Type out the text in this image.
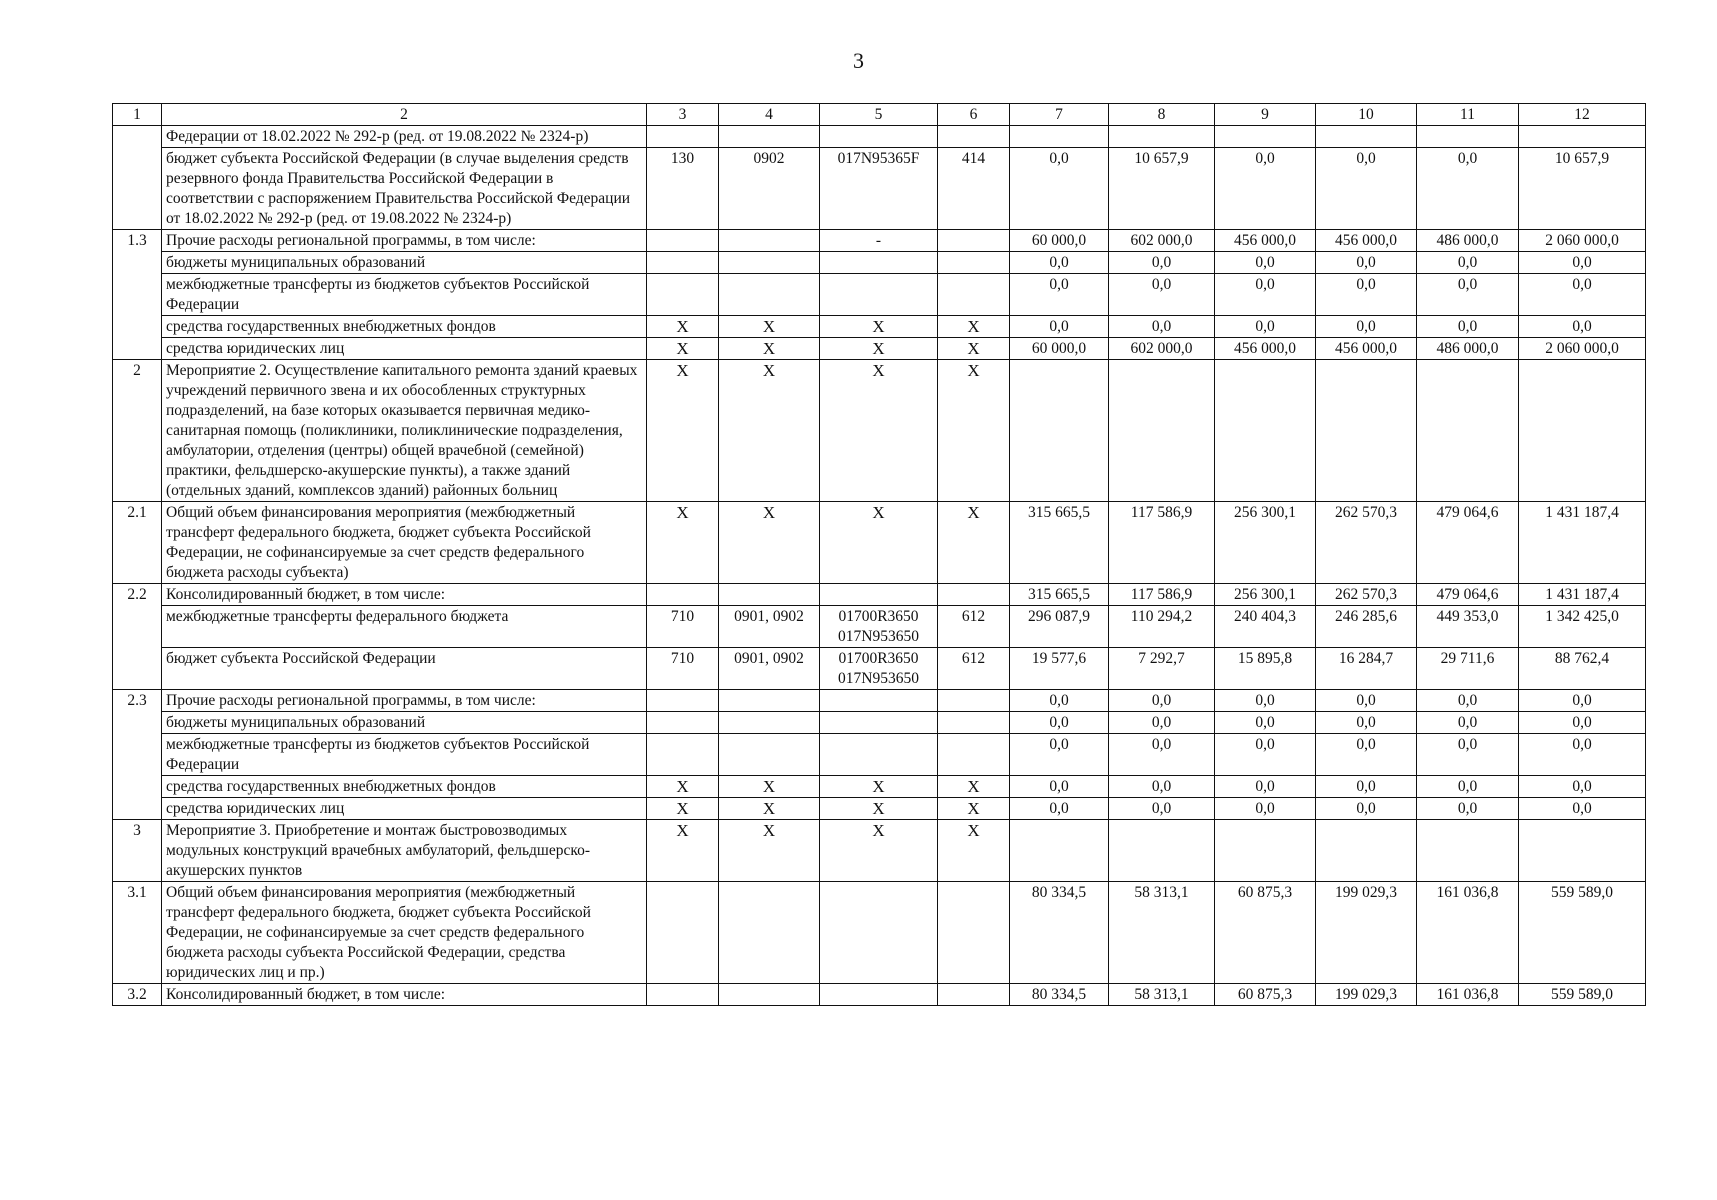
3
1	2	3	4	5	6	7	8	9	10	11	12
	Федерации от 18.02.2022 № 292-р (ред. от 19.08.2022 № 2324-р)										
	бюджет субъекта Российской Федерации (в случае выделения средств резервного фонда Правительства Российской Федерации в соответствии с распоряжением Правительства Российской Федерации от 18.02.2022 № 292-р (ред. от 19.08.2022 № 2324-р)	130	0902	017N95365F	414	0,0	10 657,9	0,0	0,0	0,0	10 657,9
1.3	Прочие расходы региональной программы, в том числе:			-		60 000,0	602 000,0	456 000,0	456 000,0	486 000,0	2 060 000,0
	бюджеты муниципальных образований					0,0	0,0	0,0	0,0	0,0	0,0
	межбюджетные трансферты из бюджетов субъектов Российской Федерации					0,0	0,0	0,0	0,0	0,0	0,0
	средства государственных внебюджетных фондов	X	X	X	X	0,0	0,0	0,0	0,0	0,0	0,0
	средства юридических лиц	X	X	X	X	60 000,0	602 000,0	456 000,0	456 000,0	486 000,0	2 060 000,0
2	Мероприятие 2. Осуществление капитального ремонта зданий краевых учреждений первичного звена и их обособленных структурных подразделений, на базе которых оказывается первичная медико-санитарная помощь (поликлиники, поликлинические подразделения, амбулатории, отделения (центры) общей врачебной (семейной) практики, фельдшерско-акушерские пункты), а также зданий (отдельных зданий, комплексов зданий) районных больниц	X	X	X	X						
2.1	Общий объем финансирования мероприятия (межбюджетный трансферт федерального бюджета, бюджет субъекта Российской Федерации, не софинансируемые за счет средств федерального бюджета расходы субъекта)	X	X	X	X	315 665,5	117 586,9	256 300,1	262 570,3	479 064,6	1 431 187,4
2.2	Консолидированный бюджет, в том числе:					315 665,5	117 586,9	256 300,1	262 570,3	479 064,6	1 431 187,4
	межбюджетные трансферты федерального бюджета	710	0901, 0902	01700R3650 017N953650	612	296 087,9	110 294,2	240 404,3	246 285,6	449 353,0	1 342 425,0
	бюджет субъекта Российской Федерации	710	0901, 0902	01700R3650 017N953650	612	19 577,6	7 292,7	15 895,8	16 284,7	29 711,6	88 762,4
2.3	Прочие расходы региональной программы, в том числе:					0,0	0,0	0,0	0,0	0,0	0,0
	бюджеты муниципальных образований					0,0	0,0	0,0	0,0	0,0	0,0
	межбюджетные трансферты из бюджетов субъектов Российской Федерации					0,0	0,0	0,0	0,0	0,0	0,0
	средства государственных внебюджетных фондов	X	X	X	X	0,0	0,0	0,0	0,0	0,0	0,0
	средства юридических лиц	X	X	X	X	0,0	0,0	0,0	0,0	0,0	0,0
3	Мероприятие 3. Приобретение и монтаж быстровозводимых модульных конструкций врачебных амбулаторий, фельдшерско-акушерских пунктов	X	X	X	X						
3.1	Общий объем финансирования мероприятия (межбюджетный трансферт федерального бюджета, бюджет субъекта Российской Федерации, не софинансируемые за счет средств федерального бюджета расходы субъекта Российской Федерации, средства юридических лиц и пр.)					80 334,5	58 313,1	60 875,3	199 029,3	161 036,8	559 589,0
3.2	Консолидированный бюджет, в том числе:					80 334,5	58 313,1	60 875,3	199 029,3	161 036,8	559 589,0
